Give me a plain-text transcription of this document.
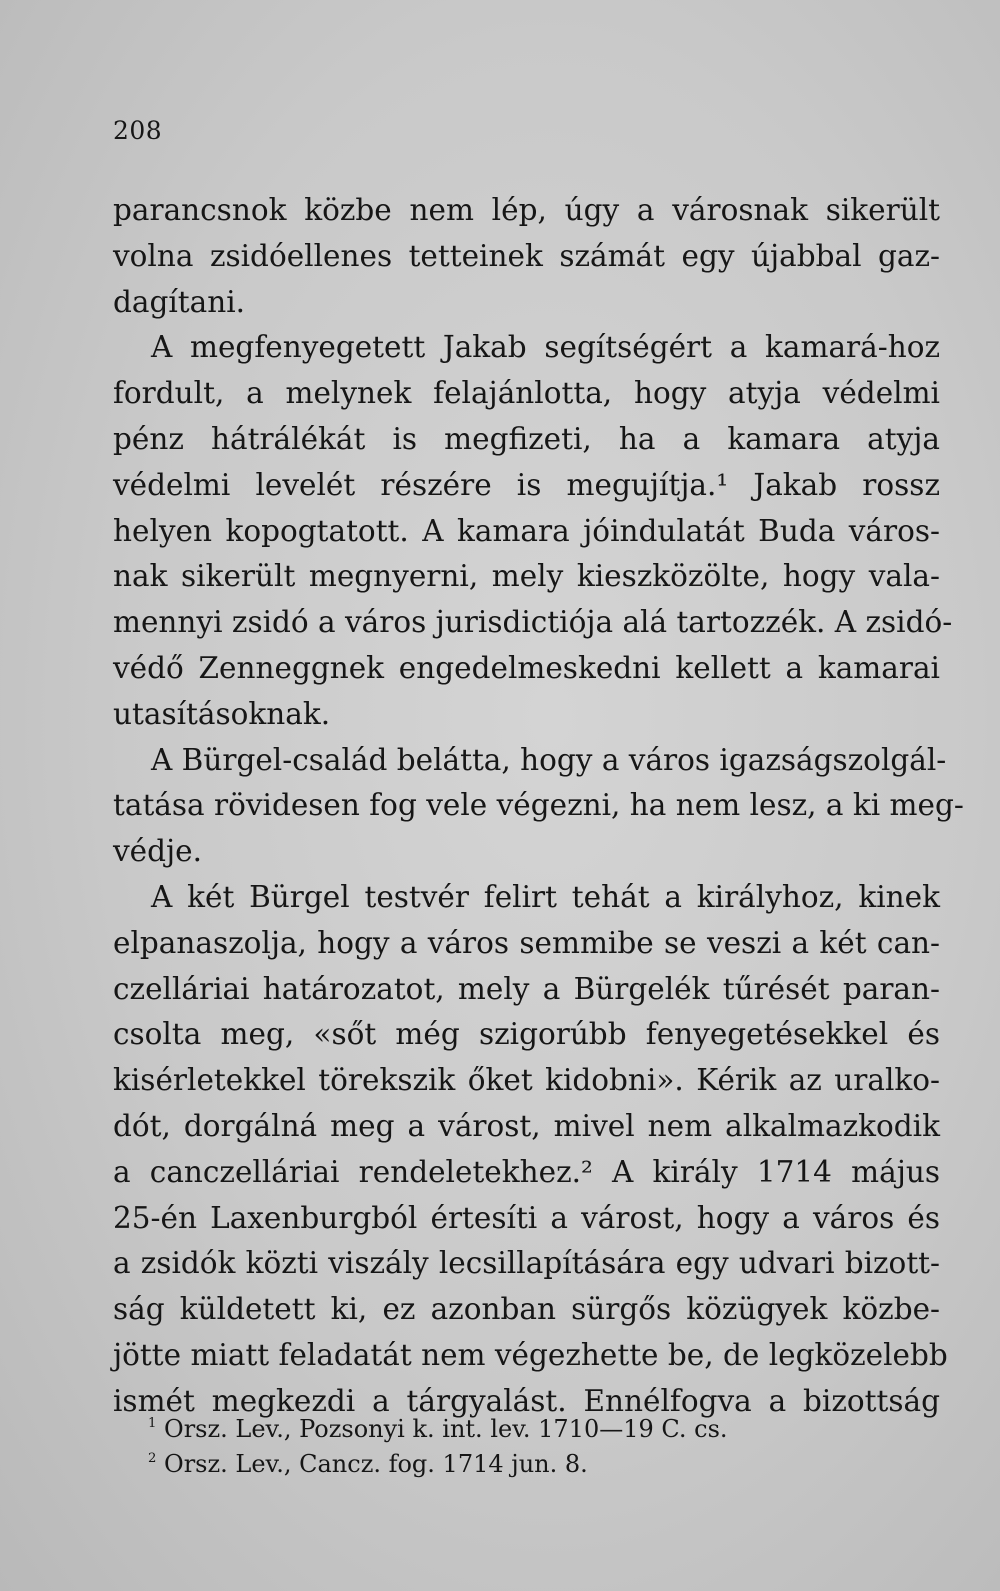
208
parancsnok közbe nem lép, úgy a városnak sikerült
volna zsidóellenes tetteinek számát egy újabbal gaz-
dagítani.
A megfenyegetett Jakab segítségért a kamará-hoz
fordult, a melynek felajánlotta, hogy atyja védelmi
pénz hátrálékát is megfizeti, ha a kamara atyja
védelmi levelét részére is megujítja.¹ Jakab rossz
helyen kopogtatott. A kamara jóindulatát Buda város-
nak sikerült megnyerni, mely kieszközölte, hogy vala-
mennyi zsidó a város jurisdictiója alá tartozzék. A zsidó-
védő Zenneggnek engedelmeskedni kellett a kamarai
utasításoknak.
A Bürgel-család belátta, hogy a város igazságszolgál-
tatása rövidesen fog vele végezni, ha nem lesz, a ki meg-
védje.
A két Bürgel testvér felirt tehát a királyhoz, kinek
elpanaszolja, hogy a város semmibe se veszi a két can-
czelláriai határozatot, mely a Bürgelék tűrését paran-
csolta meg, «sőt még szigorúbb fenyegetésekkel és
kisérletekkel törekszik őket kidobni». Kérik az uralko-
dót, dorgálná meg a várost, mivel nem alkalmazkodik
a canczelláriai rendeletekhez.² A király 1714 május
25-én Laxenburgból értesíti a várost, hogy a város és
a zsidók közti viszály lecsillapítására egy udvari bizott-
ság küldetett ki, ez azonban sürgős közügyek közbe-
jötte miatt feladatát nem végezhette be, de legközelebb
ismét megkezdi a tárgyalást. Ennélfogva a bizottság
$^1$ Orsz. Lev., Pozsonyi k. int. lev. 1710—19 C. cs.
$^2$ Orsz. Lev., Cancz. fog. 1714 jun. 8.
